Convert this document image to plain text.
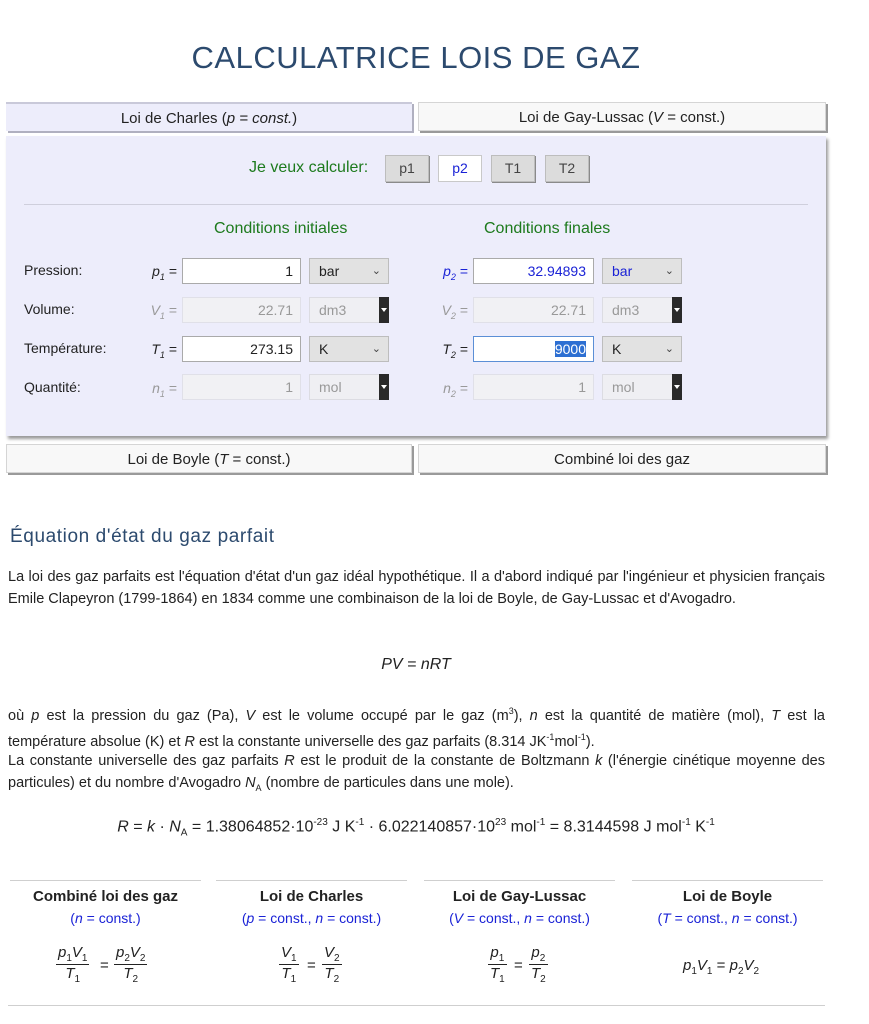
CALCULATRICE LOIS DE GAZ
Loi de Charles (p = const.)	Loi de Gay-Lussac (V = const.)
Je veux calculer:	p1	p2	T1	T2
Conditions initiales	Conditions finales
Pression:	$p_1$ =	1	bar	⌄	$p_2$ =	32.94893	bar	⌄
Volume:	$V_1$ =	22.71	dm3	$V_2$ =	22.71	dm3
Température:	$T_1$ =	273.15	K	⌄	$T_2$ =	9000	K	⌄
Quantité:	$n_1$ =	1	mol	$n_2$ =	1	mol
Loi de Boyle (T = const.)	Combiné loi des gaz
Équation d'état du gaz parfait
La loi des gaz parfaits est l'équation d'état d'un gaz idéal hypothétique. Il a d'abord indiqué par l'ingénieur et physicien français Emile Clapeyron (1799-1864) en 1834 comme une combinaison de la loi de Boyle, de Gay-Lussac et d'Avogadro.
PV = nRT
où p est la pression du gaz (Pa), V est le volume occupé par le gaz $(m^3)$, n est la quantité de matière (mol), T est la température absolue (K) et R est la constante universelle des gaz parfaits (8.314 $JK^{-1}mol^{-1}$).
La constante universelle des gaz parfaits R est le produit de la constante de Boltzmann k (l'énergie cinétique moyenne des particules) et du nombre d'Avogadro $N_A$ (nombre de particules dans une mole).
$R = k \cdot N_A = 1.38064852\cdot 10^{-23}$ J $K^{-1} \cdot 6.022140857\cdot 10^{23}$ mol$^{-1}$ = 8.3144598 J mol$^{-1}$ $K^{-1}$
Combiné loi des gaz
(n = const.)
Loi de Charles
(p = const., n = const.)
Loi de Gay-Lussac
(V = const., n = const.)
Loi de Boyle
(T = const., n = const.)
$\frac{p_1V_1}{T_1} = \frac{p_2V_2}{T_2}$	$\frac{V_1}{T_1} = \frac{V_2}{T_2}$	$\frac{p_1}{T_1} = \frac{p_2}{T_2}$	$p_1V_1 = p_2V_2$
